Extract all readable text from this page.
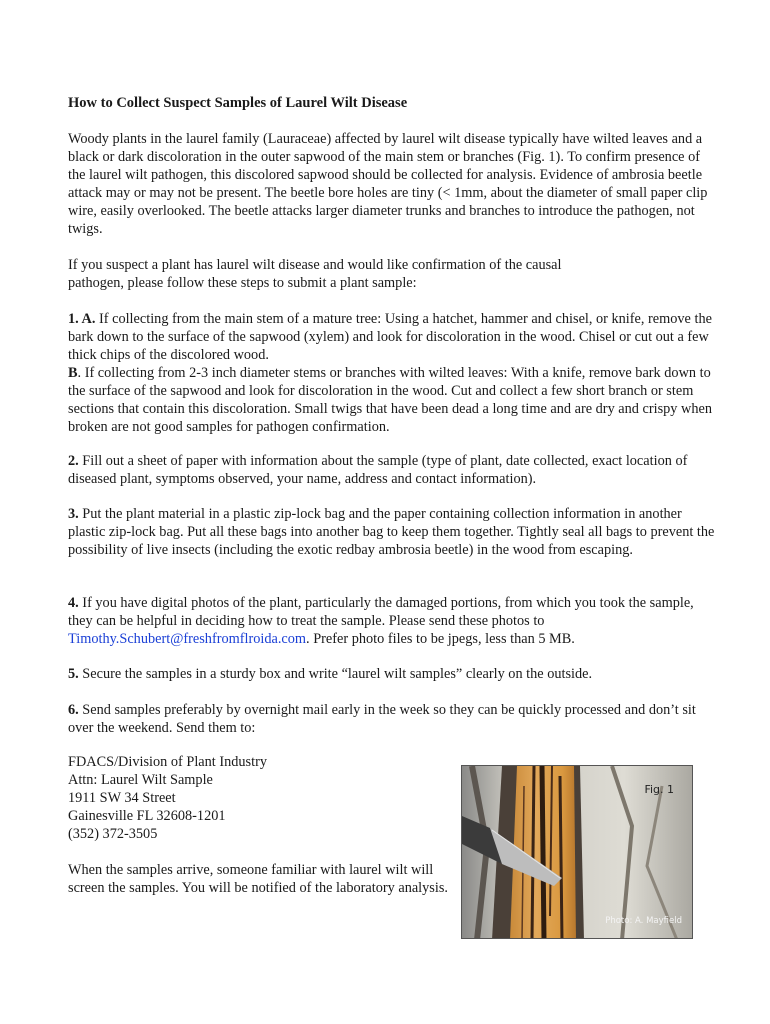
How to Collect Suspect Samples of Laurel Wilt Disease
Woody plants in the laurel family (Lauraceae) affected by laurel wilt disease typically have wilted leaves and a black or dark discoloration in the outer sapwood of the main stem or branches (Fig. 1). To confirm presence of the laurel wilt pathogen, this discolored sapwood should be collected for analysis. Evidence of ambrosia beetle attack may or may not be present. The beetle bore holes are tiny (< 1mm, about the diameter of small paper clip wire, easily overlooked. The beetle attacks larger diameter trunks and branches to introduce the pathogen, not twigs.
If you suspect a plant has laurel wilt disease and would like confirmation of the causal pathogen, please follow these steps to submit a plant sample:
1. A. If collecting from the main stem of a mature tree: Using a hatchet, hammer and chisel, or knife, remove the bark down to the surface of the sapwood (xylem) and look for discoloration in the wood. Chisel or cut out a few thick chips of the discolored wood.
B. If collecting from 2-3 inch diameter stems or branches with wilted leaves: With a knife, remove bark down to the surface of the sapwood and look for discoloration in the wood. Cut and collect a few short branch or stem sections that contain this discoloration. Small twigs that have been dead a long time and are dry and crispy when broken are not good samples for pathogen confirmation.
2. Fill out a sheet of paper with information about the sample (type of plant, date collected, exact location of diseased plant, symptoms observed, your name, address and contact information).
3. Put the plant material in a plastic zip-lock bag and the paper containing collection information in another plastic zip-lock bag. Put all these bags into another bag to keep them together. Tightly seal all bags to prevent the possibility of live insects (including the exotic redbay ambrosia beetle) in the wood from escaping.
4. If you have digital photos of the plant, particularly the damaged portions, from which you took the sample, they can be helpful in deciding how to treat the sample. Please send these photos to Timothy.Schubert@freshfromflroida.com. Prefer photo files to be jpegs, less than 5 MB.
5. Secure the samples in a sturdy box and write “laurel wilt samples” clearly on the outside.
6. Send samples preferably by overnight mail early in the week so they can be quickly processed and don’t sit over the weekend. Send them to:
FDACS/Division of Plant Industry
Attn: Laurel Wilt Sample
1911 SW 34 Street
Gainesville FL 32608-1201
(352) 372-3505
When the samples arrive, someone familiar with laurel wilt will screen the samples. You will be notified of the laboratory analysis.
Fig. 1
Photo: A. Mayfield
